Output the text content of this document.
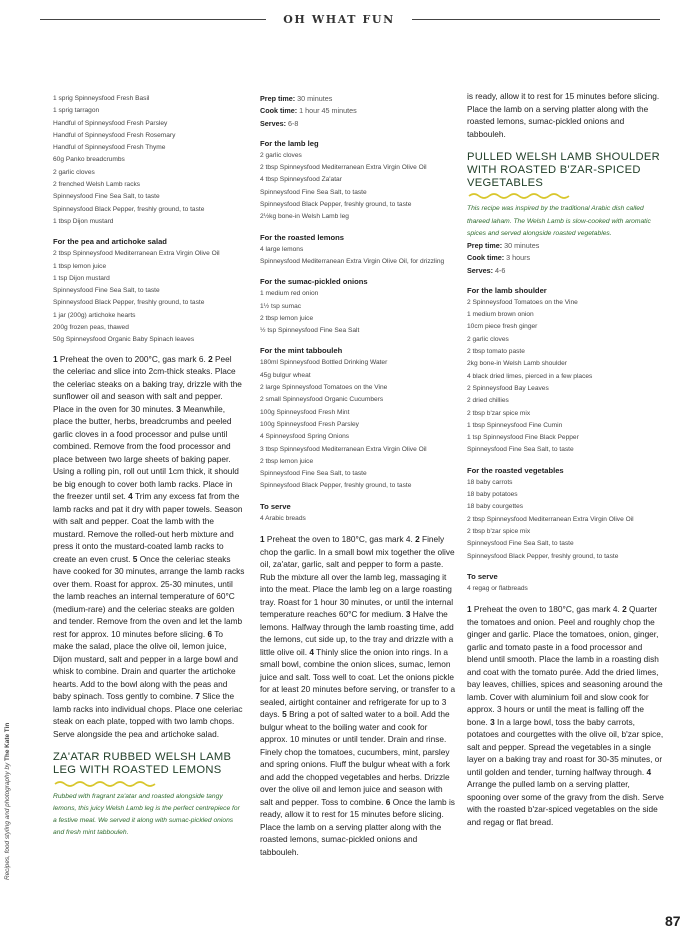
OH WHAT FUN
1 sprig Spinneysfood Fresh Basil
1 sprig tarragon
Handful of Spinneysfood Fresh Parsley
Handful of Spinneysfood Fresh Rosemary
Handful of Spinneysfood Fresh Thyme
60g Panko breadcrumbs
2 garlic cloves
2 frenched Welsh Lamb racks
Spinneysfood Fine Sea Salt, to taste
Spinneysfood Black Pepper, freshly ground, to taste
1 tbsp Dijon mustard
For the pea and artichoke salad
2 tbsp Spinneysfood Mediterranean Extra Virgin Olive Oil
1 tbsp lemon juice
1 tsp Dijon mustard
Spinneysfood Fine Sea Salt, to taste
Spinneysfood Black Pepper, freshly ground, to taste
1 jar (200g) artichoke hearts
200g frozen peas, thawed
50g Spinneysfood Organic Baby Spinach leaves
1 Preheat the oven to 200°C, gas mark 6. 2 Peel the celeriac and slice into 2cm-thick steaks. Place the celeriac steaks on a baking tray, drizzle with the sunflower oil and season with salt and pepper. Place in the oven for 30 minutes. 3 Meanwhile, place the butter, herbs, breadcrumbs and peeled garlic cloves in a food processor and pulse until combined. Remove from the food processor and place between two large sheets of baking paper. Using a rolling pin, roll out until 1cm thick, it should be big enough to cover both lamb racks. Place in the freezer until set. 4 Trim any excess fat from the lamb racks and pat it dry with paper towels. Season with salt and pepper. Coat the lamb with the mustard. Remove the rolled-out herb mixture and press it onto the mustard-coated lamb racks to create an even crust. 5 Once the celeriac steaks have cooked for 30 minutes, arrange the lamb racks over them. Roast for approx. 25-30 minutes, until the lamb reaches an internal temperature of 60°C (medium-rare) and the celeriac steaks are golden and tender. Remove from the oven and let the lamb rest for approx. 10 minutes before slicing. 6 To make the salad, place the olive oil, lemon juice, Dijon mustard, salt and pepper in a large bowl and whisk to combine. Drain and quarter the artichoke hearts. Add to the bowl along with the peas and baby spinach. Toss gently to combine. 7 Slice the lamb racks into individual chops. Place one celeriac steak on each plate, topped with two lamb chops. Serve alongside the pea and artichoke salad.
ZA'ATAR RUBBED WELSH LAMB LEG WITH ROASTED LEMONS
Rubbed with fragrant za'atar and roasted alongside tangy lemons, this juicy Welsh Lamb leg is the perfect centrepiece for a festive meal. We served it along with sumac-pickled onions and fresh mint tabbouleh.
Prep time: 30 minutes
Cook time: 1 hour 45 minutes
Serves: 6-8
For the lamb leg
2 garlic cloves
2 tbsp Spinneysfood Mediterranean Extra Virgin Olive Oil
4 tbsp Spinneysfood Za'atar
Spinneysfood Fine Sea Salt, to taste
Spinneysfood Black Pepper, freshly ground, to taste
2½kg bone-in Welsh Lamb leg
For the roasted lemons
4 large lemons
Spinneysfood Mediterranean Extra Virgin Olive Oil, for drizzling
For the sumac-pickled onions
1 medium red onion
1½ tsp sumac
2 tbsp lemon juice
½ tsp Spinneysfood Fine Sea Salt
For the mint tabbouleh
180ml Spinneysfood Bottled Drinking Water
45g bulgur wheat
2 large Spinneysfood Tomatoes on the Vine
2 small Spinneysfood Organic Cucumbers
100g Spinneysfood Fresh Mint
100g Spinneysfood Fresh Parsley
4 Spinneysfood Spring Onions
3 tbsp Spinneysfood Mediterranean Extra Virgin Olive Oil
2 tbsp lemon juice
Spinneysfood Fine Sea Salt, to taste
Spinneysfood Black Pepper, freshly ground, to taste
To serve
4 Arabic breads
1 Preheat the oven to 180°C, gas mark 4. 2 Finely chop the garlic. In a small bowl mix together the olive oil, za'atar, garlic, salt and pepper to form a paste. Rub the mixture all over the lamb leg, massaging it into the meat. Place the lamb leg on a large roasting tray. Roast for 1 hour 30 minutes, or until the internal temperature reaches 60°C for medium. 3 Halve the lemons. Halfway through the lamb roasting time, add the lemons, cut side up, to the tray and drizzle with a little olive oil. 4 Thinly slice the onion into rings. In a small bowl, combine the onion slices, sumac, lemon juice and salt. Toss well to coat. Let the onions pickle for at least 20 minutes before serving, or transfer to a sealed, airtight container and refrigerate for up to 3 days. 5 Bring a pot of salted water to a boil. Add the bulgur wheat to the boiling water and cook for approx. 10 minutes or until tender. Drain and rinse. Finely chop the tomatoes, cucumbers, mint, parsley and spring onions. Fluff the bulgur wheat with a fork and add the chopped vegetables and herbs. Drizzle over the olive oil and lemon juice and season with salt and pepper. Toss to combine. 6 Once the lamb is ready, allow it to rest for 15 minutes before slicing. Place the lamb on a serving platter along with the roasted lemons, sumac-pickled onions and tabbouleh.
is ready, allow it to rest for 15 minutes before slicing. Place the lamb on a serving platter along with the roasted lemons, sumac-pickled onions and tabbouleh.
PULLED WELSH LAMB SHOULDER WITH ROASTED B'ZAR-SPICED VEGETABLES
This recipe was inspired by the traditional Arabic dish called thareed laham. The Welsh Lamb is slow-cooked with aromatic spices and served alongside roasted vegetables.
Prep time: 30 minutes
Cook time: 3 hours
Serves: 4-6
For the lamb shoulder
2 Spinneysfood Tomatoes on the Vine
1 medium brown onion
10cm piece fresh ginger
2 garlic cloves
2 tbsp tomato paste
2kg bone-in Welsh Lamb shoulder
4 black dried limes, pierced in a few places
2 Spinneysfood Bay Leaves
2 dried chillies
2 tbsp b'zar spice mix
1 tbsp Spinneysfood Fine Cumin
1 tsp Spinneysfood Fine Black Pepper
Spinneysfood Fine Sea Salt, to taste
For the roasted vegetables
18 baby carrots
18 baby potatoes
18 baby courgettes
2 tbsp Spinneysfood Mediterranean Extra Virgin Olive Oil
2 tbsp b'zar spice mix
Spinneysfood Fine Sea Salt, to taste
Spinneysfood Black Pepper, freshly ground, to taste
To serve
4 regag or flatbreads
1 Preheat the oven to 180°C, gas mark 4. 2 Quarter the tomatoes and onion. Peel and roughly chop the ginger and garlic. Place the tomatoes, onion, ginger, garlic and tomato paste in a food processor and blend until smooth. Place the lamb in a roasting dish and coat with the tomato purée. Add the dried limes, bay leaves, chillies, spices and seasoning around the lamb. Cover with aluminium foil and slow cook for approx. 3 hours or until the meat is falling off the bone. 3 In a large bowl, toss the baby carrots, potatoes and courgettes with the olive oil, b'zar spice, salt and pepper. Spread the vegetables in a single layer on a baking tray and roast for 30-35 minutes, or until golden and tender, turning halfway through. 4 Arrange the pulled lamb on a serving platter, spooning over some of the gravy from the dish. Serve with the roasted b'zar-spiced vegetables on the side and regag or flat bread.
Recipes, food styling and photography by The Kate Tin
87
